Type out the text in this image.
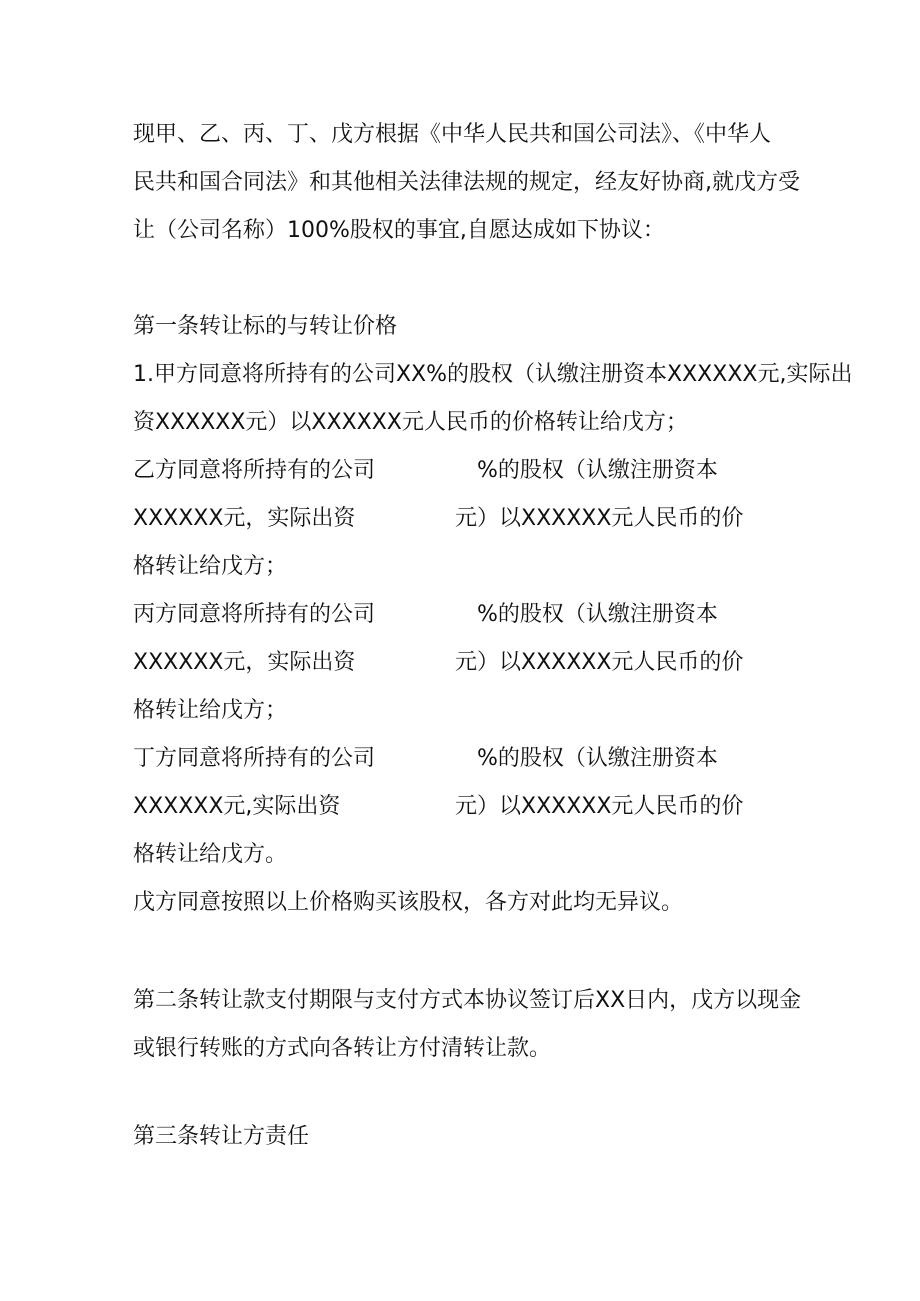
现甲、乙、丙、丁、戊方根据《中华人民共和国公司法》、《中华人
民共和国合同法》和其他相关法律法规的规定，经友好协商,就戊方受
让（公司名称）100%股权的事宜,自愿达成如下协议：
第一条转让标的与转让价格
1.甲方同意将所持有的公司XX%的股权（认缴注册资本XXXXXX元,实际出
资XXXXXX元）以XXXXXX元人民币的价格转让给戊方；
乙方同意将所持有的公司	%的股权（认缴注册资本
XXXXXX元，实际出资	元）以XXXXXX元人民币的价
格转让给戊方；
丙方同意将所持有的公司	%的股权（认缴注册资本
XXXXXX元，实际出资	元）以XXXXXX元人民币的价
格转让给戊方；
丁方同意将所持有的公司	%的股权（认缴注册资本
XXXXXX元,实际出资	元）以XXXXXX元人民币的价
格转让给戊方。
戊方同意按照以上价格购买该股权，各方对此均无异议。
第二条转让款支付期限与支付方式本协议签订后XX日内，戊方以现金
或银行转账的方式向各转让方付清转让款。
第三条转让方责任
